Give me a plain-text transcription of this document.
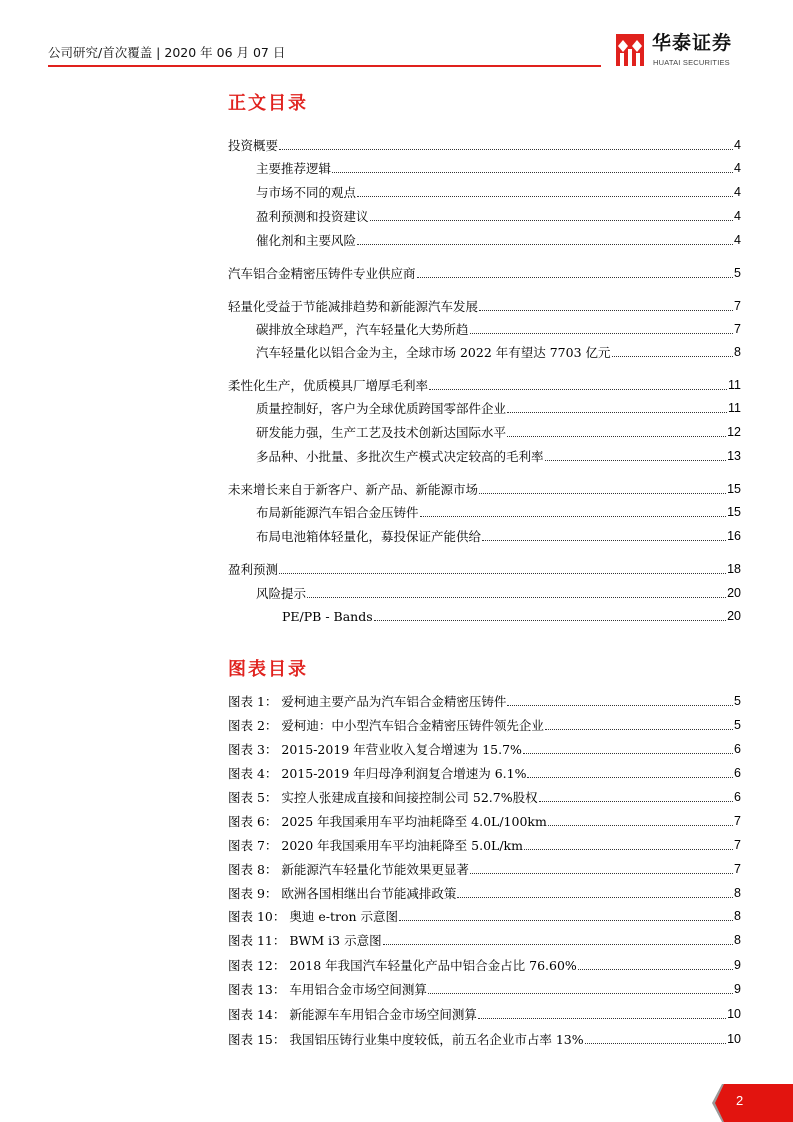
公司研究/首次覆盖 | 2020 年 06 月 07 日	华泰证券
HUATAI SECURITIES
正文目录
投资概要	4
主要推荐逻辑	4
与市场不同的观点	4
盈利预测和投资建议	4
催化剂和主要风险	4
汽车铝合金精密压铸件专业供应商	5
轻量化受益于节能减排趋势和新能源汽车发展	7
碳排放全球趋严，汽车轻量化大势所趋	7
汽车轻量化以铝合金为主，全球市场 2022 年有望达 7703 亿元	8
柔性化生产，优质模具厂增厚毛利率	11
质量控制好，客户为全球优质跨国零部件企业	11
研发能力强，生产工艺及技术创新达国际水平	12
多品种、小批量、多批次生产模式决定较高的毛利率	13
未来增长来自于新客户、新产品、新能源市场	15
布局新能源汽车铝合金压铸件	15
布局电池箱体轻量化，募投保证产能供给	16
盈利预测	18
风险提示	20
PE/PB - Bands	20
图表目录
图表 1： 爱柯迪主要产品为汽车铝合金精密压铸件	5
图表 2： 爱柯迪：中小型汽车铝合金精密压铸件领先企业	5
图表 3： 2015-2019 年营业收入复合增速为 15.7%	6
图表 4： 2015-2019 年归母净利润复合增速为 6.1%	6
图表 5： 实控人张建成直接和间接控制公司 52.7%股权	6
图表 6： 2025 年我国乘用车平均油耗降至 4.0L/100km	7
图表 7： 2020 年我国乘用车平均油耗降至 5.0L/km	7
图表 8： 新能源汽车轻量化节能效果更显著	7
图表 9： 欧洲各国相继出台节能减排政策	8
图表 10： 奥迪 e-tron 示意图	8
图表 11： BWM i3 示意图	8
图表 12： 2018 年我国汽车轻量化产品中铝合金占比 76.60%	9
图表 13： 车用铝合金市场空间测算	9
图表 14： 新能源车车用铝合金市场空间测算	10
图表 15： 我国铝压铸行业集中度较低，前五名企业市占率 13%	10
2
